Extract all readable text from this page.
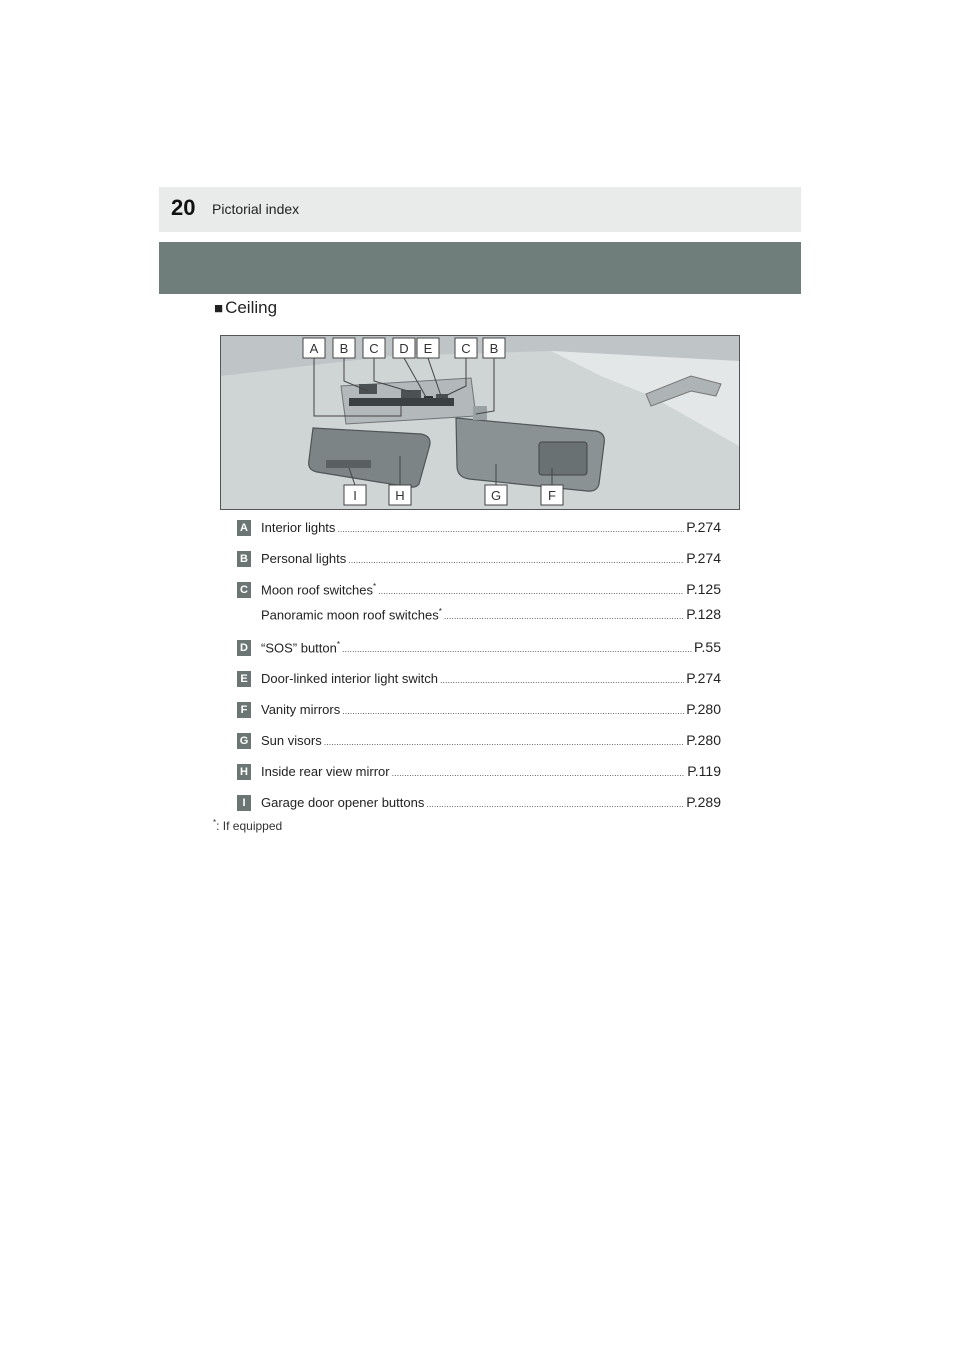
20 Pictorial index
■ Ceiling
A B C D E C B
I	H	G	F
A Interior lights .....	P.274
B Personal lights .....	P.274
C Moon roof switches* .....	P.125
Panoramic moon roof switches* .....	P.128
D “SOS” button* .....	P.55
E Door-linked interior light switch .....	P.274
F Vanity mirrors .....	P.280
G Sun visors .....	P.280
H Inside rear view mirror .....	P.119
I	Garage door opener buttons .....	P.289
*: If equipped
